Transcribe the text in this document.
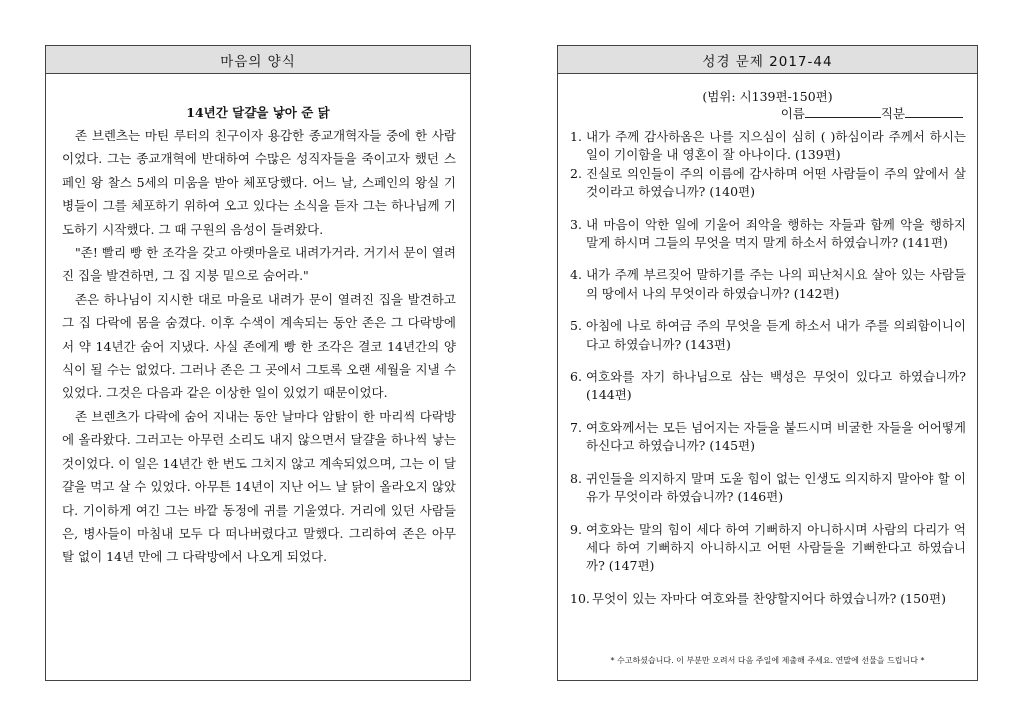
마음의 양식
14년간 달걀을 낳아 준 닭

존 브렌츠는 마틴 루터의 친구이자 용감한 종교개혁자들 중에 한 사람이었다. 그는 종교개혁에 반대하여 수많은 성직자들을 죽이고자 했던 스페인 왕 찰스 5세의 미움을 받아 체포당했다. 어느 날, 스페인의 왕실 기병들이 그를 체포하기 위하여 오고 있다는 소식을 듣자 그는 하나님께 기도하기 시작했다. 그 때 구원의 음성이 들려왔다.

"존! 빨리 빵 한 조각을 갖고 아랫마을로 내려가거라. 거기서 문이 열려진 집을 발견하면, 그 집 지붕 밑으로 숨어라."

존은 하나님이 지시한 대로 마을로 내려가 문이 열려진 집을 발견하고 그 집 다락에 몸을 숨겼다. 이후 수색이 계속되는 동안 존은 그 다락방에서 약 14년간 숨어 지냈다. 사실 존에게 빵 한 조각은 결코 14년간의 양식이 될 수는 없었다. 그러나 존은 그 곳에서 그토록 오랜 세월을 지낼 수 있었다. 그것은 다음과 같은 이상한 일이 있었기 때문이었다.

존 브렌츠가 다락에 숨어 지내는 동안 날마다 암탉이 한 마리씩 다락방에 올라왔다. 그러고는 아무런 소리도 내지 않으면서 달걀을 하나씩 낳는 것이었다. 이 일은 14년간 한 번도 그치지 않고 계속되었으며, 그는 이 달걀을 먹고 살 수 있었다. 아무튼 14년이 지난 어느 날 닭이 올라오지 않았다. 기이하게 여긴 그는 바깥 동정에 귀를 기울였다. 거리에 있던 사람들은, 병사들이 마침내 모두 다 떠나버렸다고 말했다. 그리하여 존은 아무 탈 없이 14년 만에 그 다락방에서 나오게 되었다.

성경 문제 2017-44
(범위: 시139편-150편)
이름	직분
1. 내가 주께 감사하옴은 나를 지으심이 심히 ( )하심이라 주께서 하시는 일이 기이함을 내 영혼이 잘 아나이다. (139편)
2. 진실로 의인들이 주의 이름에 감사하며 어떤 사람들이 주의 앞에서 살 것이라고 하였습니까? (140편)
3. 내 마음이 악한 일에 기울어 죄악을 행하는 자들과 함께 악을 행하지 말게 하시며 그들의 무엇을 먹지 말게 하소서 하였습니까? (141편)
4. 내가 주께 부르짖어 말하기를 주는 나의 피난처시요 살아 있는 사람들의 땅에서 나의 무엇이라 하였습니까? (142편)
5. 아침에 나로 하여금 주의 무엇을 듣게 하소서 내가 주를 의뢰함이니이다고 하였습니까? (143편)
6. 여호와를 자기 하나님으로 삼는 백성은 무엇이 있다고 하였습니까? (144편)
7. 여호와께서는 모든 넘어지는 자들을 붙드시며 비굴한 자들을 어어떻게 하신다고 하였습니까? (145편)
8. 귀인들을 의지하지 말며 도울 힘이 없는 인생도 의지하지 말아야 할 이유가 무엇이라 하였습니까? (146편)
9. 여호와는 말의 힘이 세다 하여 기뻐하지 아니하시며 사람의 다리가 억세다 하여 기뻐하지 아니하시고 어떤 사람들을 기뻐한다고 하였습니까? (147편)
10. 무엇이 있는 자마다 여호와를 찬양할지어다 하였습니까? (150편)
* 수고하셨습니다. 이 부분만 오려서 다음 주일에 제출해 주세요. 연말에 선물을 드립니다 *
